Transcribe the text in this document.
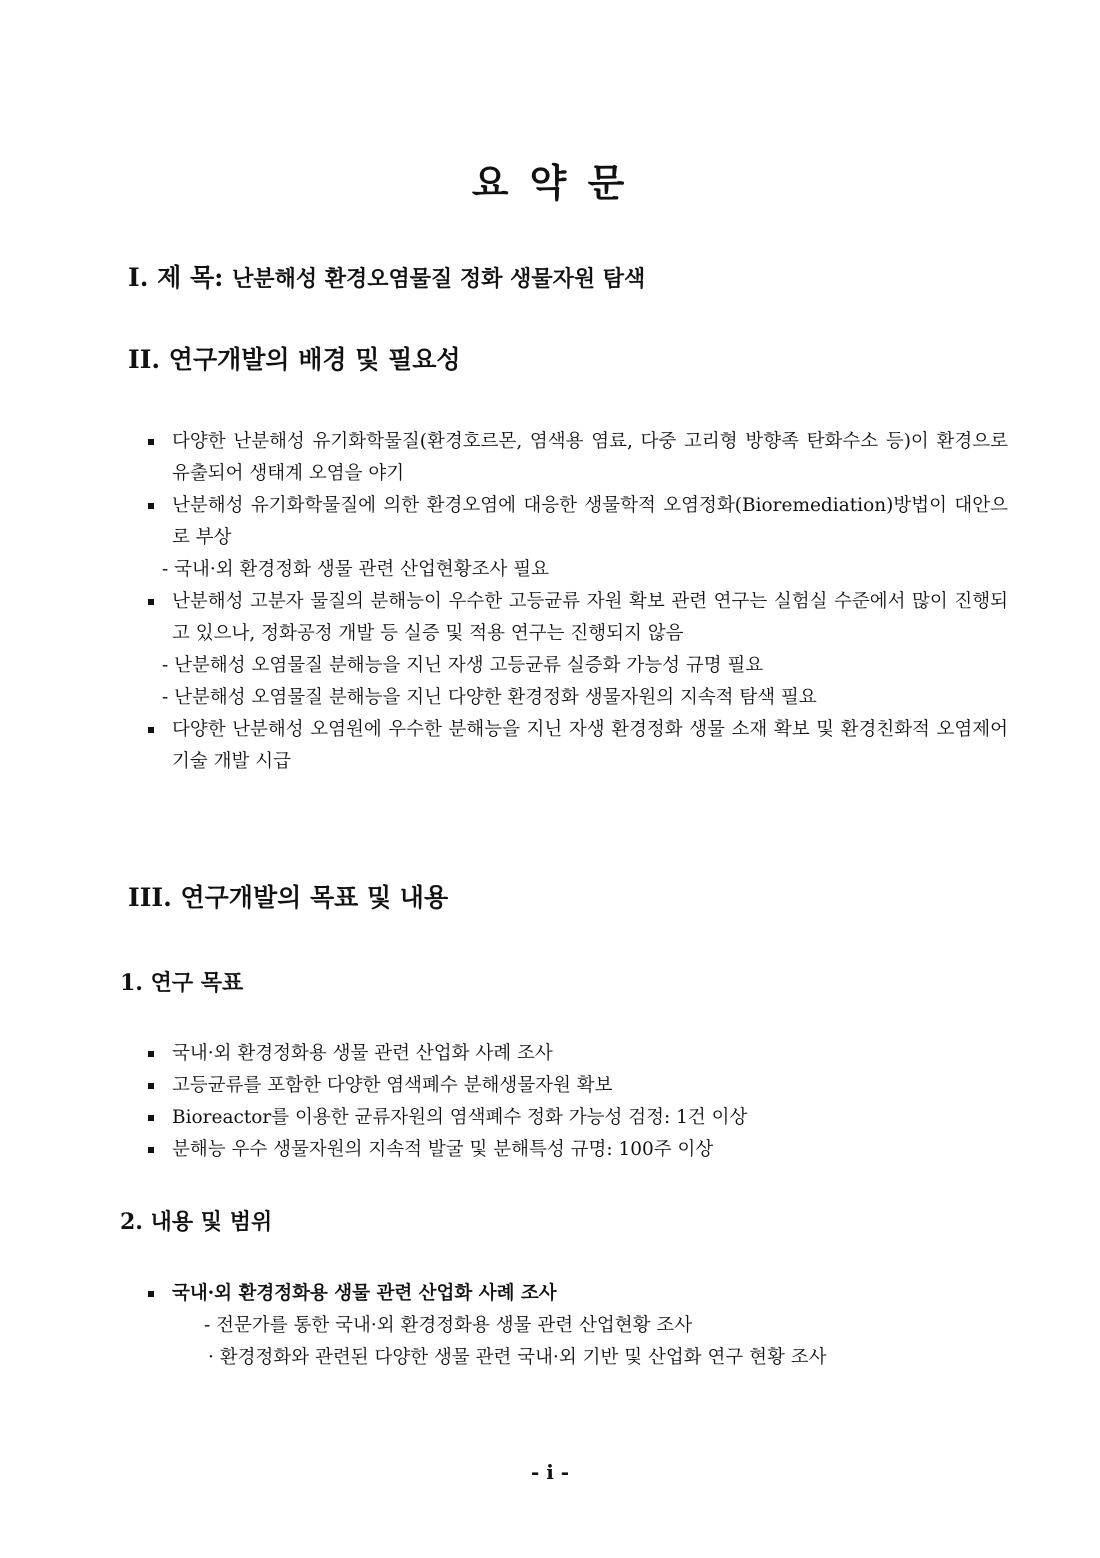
요 약 문
I. 제 목: 난분해성 환경오염물질 정화 생물자원 탐색
II. 연구개발의 배경 및 필요성
다양한 난분해성 유기화학물질(환경호르몬, 염색용 염료, 다중 고리형 방향족 탄화수소 등)이 환경으로 유출되어 생태계 오염을 야기
난분해성 유기화학물질에 의한 환경오염에 대응한 생물학적 오염정화(Bioremediation)방법이 대안으로 부상
- 국내·외 환경정화 생물 관련 산업현황조사 필요
난분해성 고분자 물질의 분해능이 우수한 고등균류 자원 확보 관련 연구는 실험실 수준에서 많이 진행되고 있으나, 정화공정 개발 등 실증 및 적용 연구는 진행되지 않음
- 난분해성 오염물질 분해능을 지닌 자생 고등균류 실증화 가능성 규명 필요
- 난분해성 오염물질 분해능을 지닌 다양한 환경정화 생물자원의 지속적 탐색 필요
다양한 난분해성 오염원에 우수한 분해능을 지닌 자생 환경정화 생물 소재 확보 및 환경친화적 오염제어 기술 개발 시급
III. 연구개발의 목표 및 내용
1. 연구 목표
국내·외 환경정화용 생물 관련 산업화 사례 조사
고등균류를 포함한 다양한 염색폐수 분해생물자원 확보
Bioreactor를 이용한 균류자원의 염색폐수 정화 가능성 검정: 1건 이상
분해능 우수 생물자원의 지속적 발굴 및 분해특성 규명: 100주 이상
2. 내용 및 범위
국내·외 환경정화용 생물 관련 산업화 사례 조사
- 전문가를 통한 국내·외 환경정화용 생물 관련 산업현황 조사
· 환경정화와 관련된 다양한 생물 관련 국내·외 기반 및 산업화 연구 현황 조사
- i -
